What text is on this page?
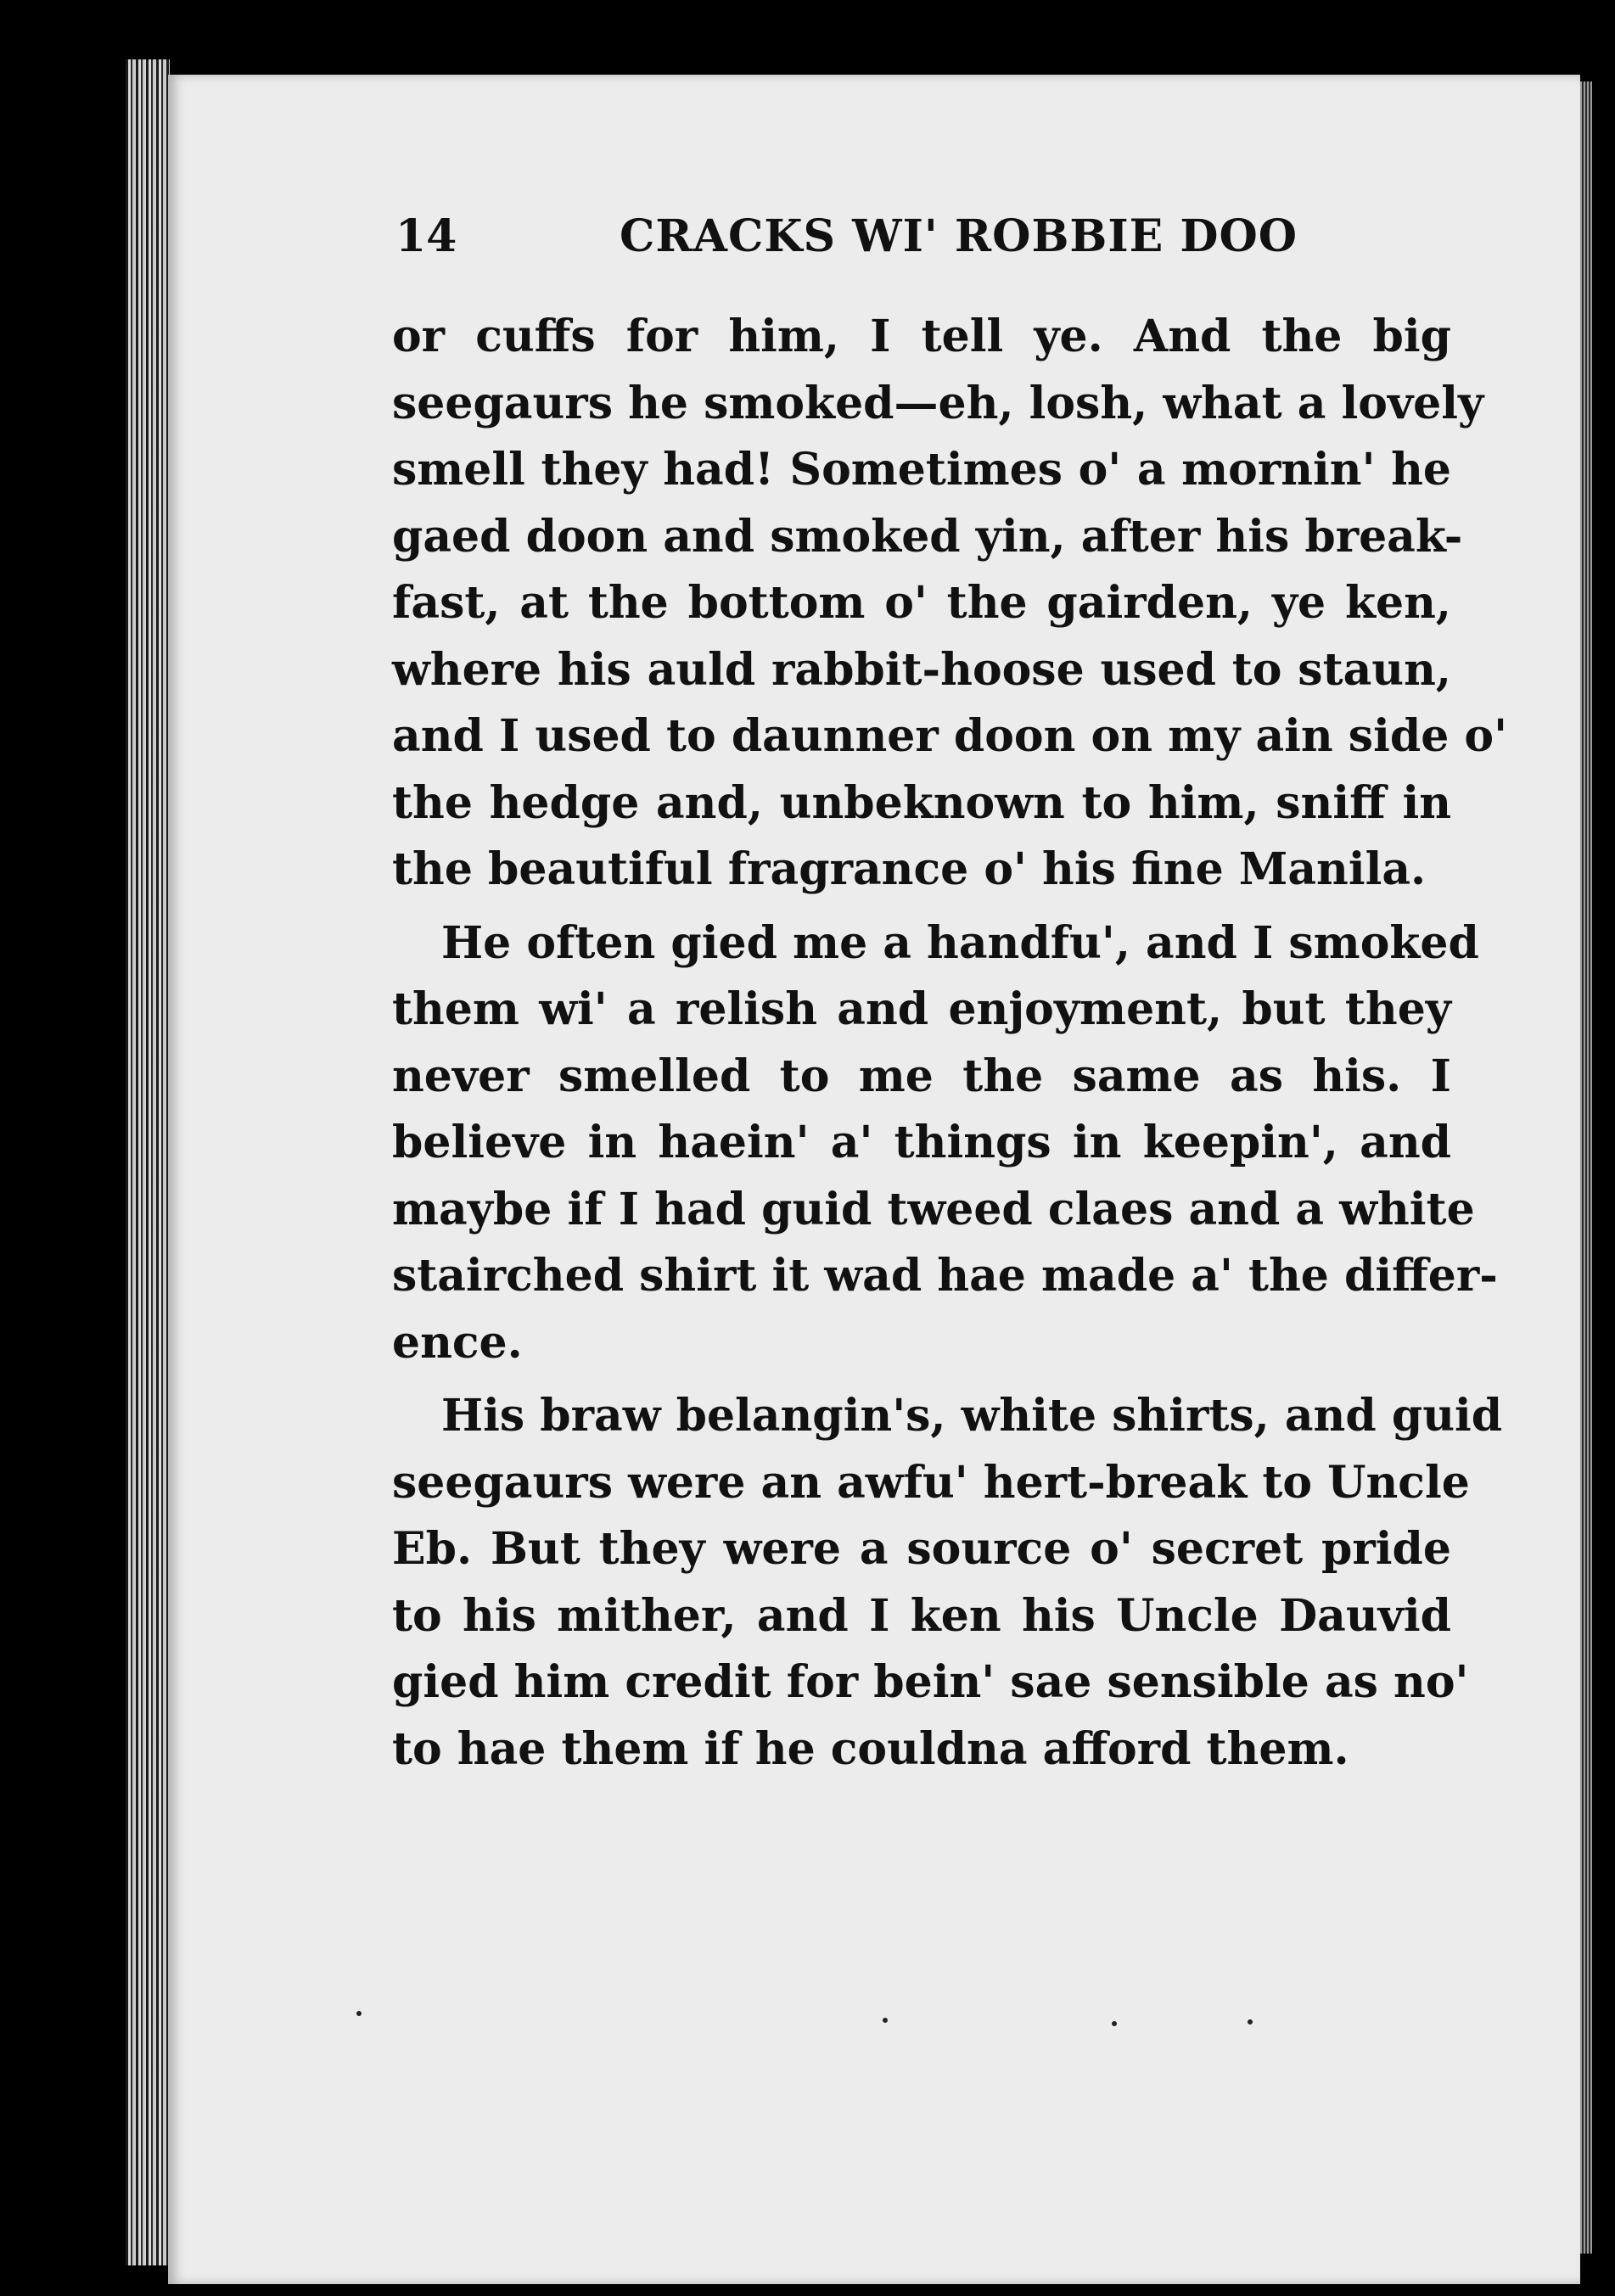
14	CRACKS WI' ROBBIE DOO
or cuffs for him, I tell ye. And the big
seegaurs he smoked—eh, losh, what a lovely
smell they had! Sometimes o' a mornin' he
gaed doon and smoked yin, after his break-
fast, at the bottom o' the gairden, ye ken,
where his auld rabbit-hoose used to staun,
and I used to daunner doon on my ain side o'
the hedge and, unbeknown to him, sniff in
the beautiful fragrance o' his fine Manila.
He often gied me a handfu', and I smoked
them wi' a relish and enjoyment, but they
never smelled to me the same as his. I
believe in haein' a' things in keepin', and
maybe if I had guid tweed claes and a white
stairched shirt it wad hae made a' the differ-
ence.
His braw belangin's, white shirts, and guid
seegaurs were an awfu' hert-break to Uncle
Eb. But they were a source o' secret pride
to his mither, and I ken his Uncle Dauvid
gied him credit for bein' sae sensible as no'
to hae them if he couldna afford them.
